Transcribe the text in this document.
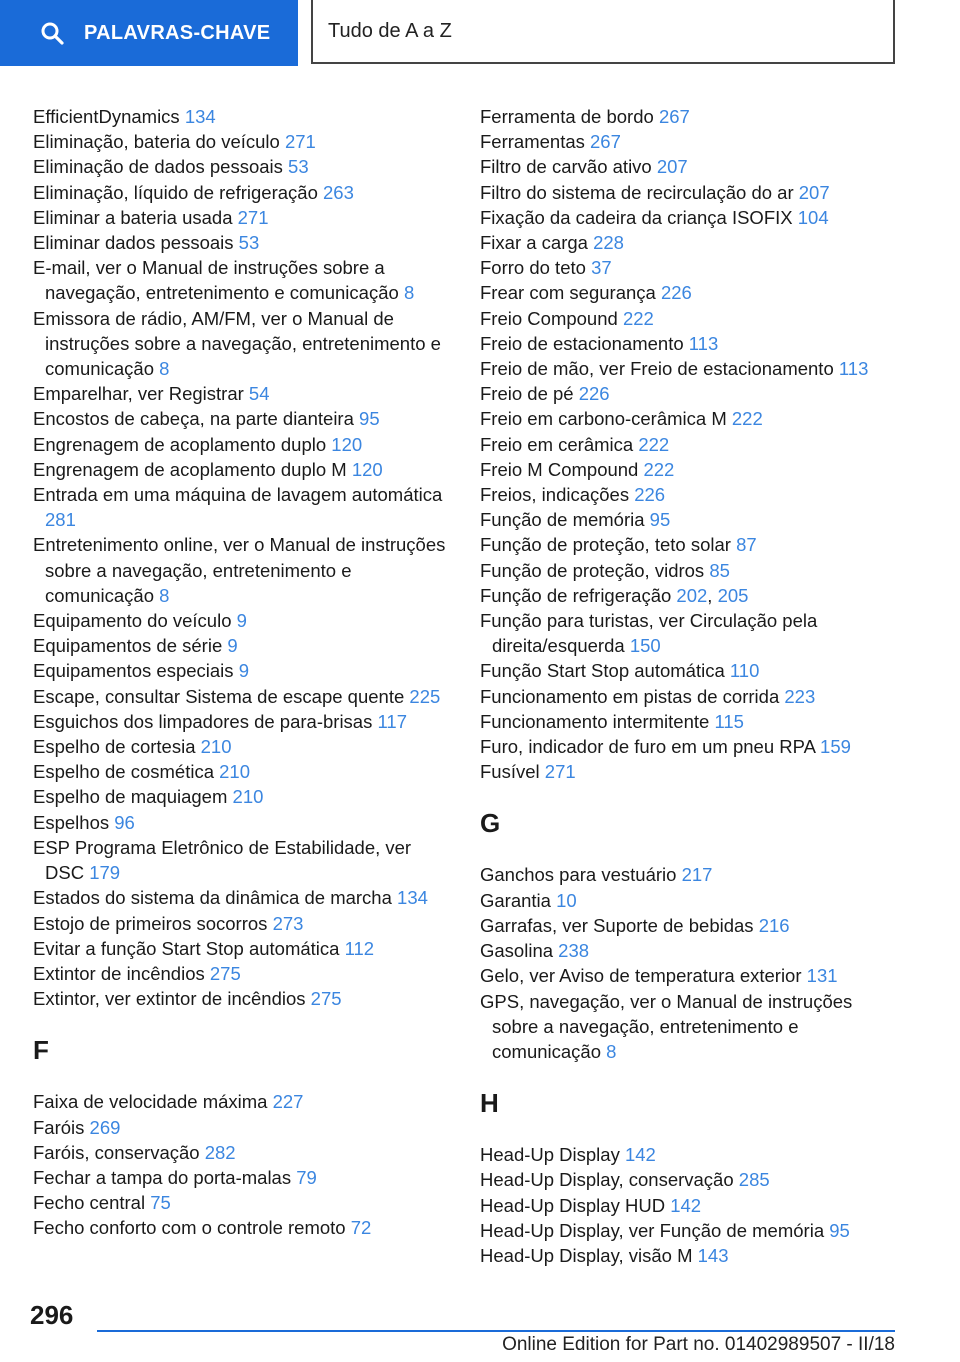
PALAVRAS-CHAVE	Tudo de A a Z
EfficientDynamics 134
Eliminação, bateria do veículo 271
Eliminação de dados pessoais 53
Eliminação, líquido de refrigeração 263
Eliminar a bateria usada 271
Eliminar dados pessoais 53
E-mail, ver o Manual de instruções sobre a navegação, entretenimento e comunicação 8
Emissora de rádio, AM/FM, ver o Manual de instruções sobre a navegação, entretenimento e comunicação 8
Emparelhar, ver Registrar 54
Encostos de cabeça, na parte dianteira 95
Engrenagem de acoplamento duplo 120
Engrenagem de acoplamento duplo M 120
Entrada em uma máquina de lavagem automática 281
Entretenimento online, ver o Manual de instruções sobre a navegação, entretenimento e comunicação 8
Equipamento do veículo 9
Equipamentos de série 9
Equipamentos especiais 9
Escape, consultar Sistema de escape quente 225
Esguichos dos limpadores de para-brisas 117
Espelho de cortesia 210
Espelho de cosmética 210
Espelho de maquiagem 210
Espelhos 96
ESP Programa Eletrônico de Estabilidade, ver DSC 179
Estados do sistema da dinâmica de marcha 134
Estojo de primeiros socorros 273
Evitar a função Start Stop automática 112
Extintor de incêndios 275
Extintor, ver extintor de incêndios 275
F
Faixa de velocidade máxima 227
Faróis 269
Faróis, conservação 282
Fechar a tampa do porta-malas 79
Fecho central 75
Fecho conforto com o controle remoto 72
Ferramenta de bordo 267
Ferramentas 267
Filtro de carvão ativo 207
Filtro do sistema de recirculação do ar 207
Fixação da cadeira da criança ISOFIX 104
Fixar a carga 228
Forro do teto 37
Frear com segurança 226
Freio Compound 222
Freio de estacionamento 113
Freio de mão, ver Freio de estacionamento 113
Freio de pé 226
Freio em carbono-cerâmica M 222
Freio em cerâmica 222
Freio M Compound 222
Freios, indicações 226
Função de memória 95
Função de proteção, teto solar 87
Função de proteção, vidros 85
Função de refrigeração 202, 205
Função para turistas, ver Circulação pela direita/esquerda 150
Função Start Stop automática 110
Funcionamento em pistas de corrida 223
Funcionamento intermitente 115
Furo, indicador de furo em um pneu RPA 159
Fusível 271
G
Ganchos para vestuário 217
Garantia 10
Garrafas, ver Suporte de bebidas 216
Gasolina 238
Gelo, ver Aviso de temperatura exterior 131
GPS, navegação, ver o Manual de instruções sobre a navegação, entretenimento e comunicação 8
H
Head-Up Display 142
Head-Up Display, conservação 285
Head-Up Display HUD 142
Head-Up Display, ver Função de memória 95
Head-Up Display, visão M 143
296
Online Edition for Part no. 01402989507 - II/18
